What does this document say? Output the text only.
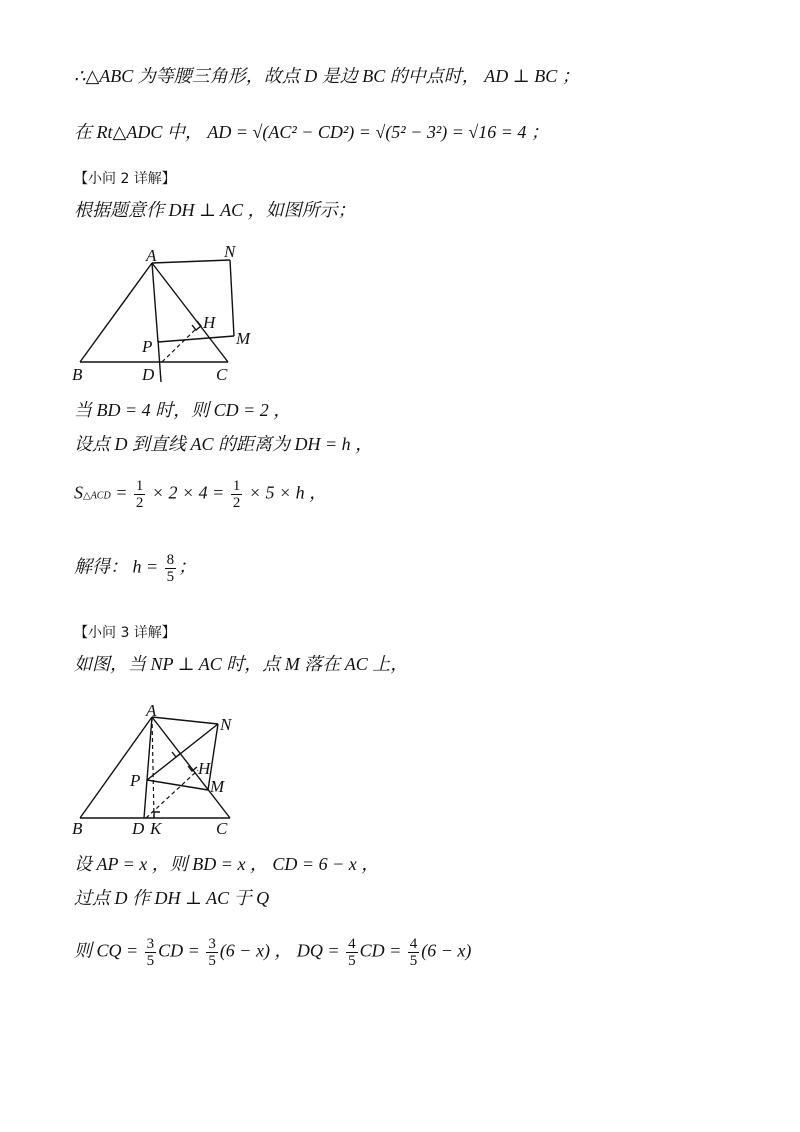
∴△ABC 为等腰三角形，故点 D 是边 BC 的中点时， AD ⊥ BC ；
在 Rt△ADC 中， AD = √(AC² − CD²) = √(5² − 3²) = √16 = 4 ；
【小问 2 详解】
根据题意作 DH ⊥ AC ，如图所示；
A	N
H
P	M
B	D	C
当 BD = 4 时，则 CD = 2 ，
设点 D 到直线 AC 的距离为 DH = h ，
S△ACD = $\frac{1}{2} \times 2 \times 4 = \frac{1}{2} \times 5 \times h$ ，
解得： $h = \frac{8}{5}$ ；
【小问 3 详解】
如图，当 NP ⊥ AC 时，点 M 落在 AC 上，
A
N
H
P	M
B	D K	C
设 AP = x ，则 BD = x ， CD = 6 − x ，
过点 D 作 DH ⊥ AC 于 Q
则 CQ = $\frac{3}{5}$ CD = $\frac{3}{5} (6 - x)$ ， DQ = $\frac{4}{5}$ CD = $\frac{4}{5} (6 - x)$
